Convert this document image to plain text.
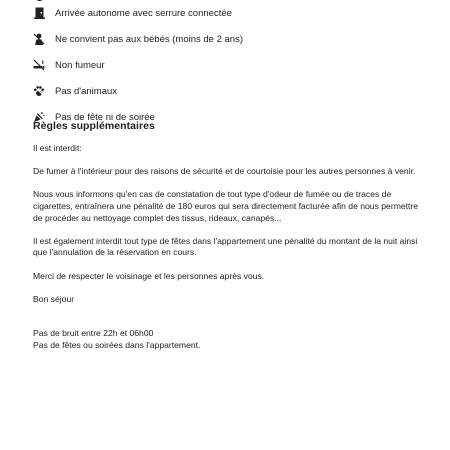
Arrivée autonome avec serrure connectée
Ne convient pas aux bébés (moins de 2 ans)
Non fumeur
Pas d'animaux
Pas de fête ni de soirée
Règles supplémentaires

Il est interdit:

De fumer à l'intérieur pour des raisons de sécurité et de courtoisie pour les autres personnes à venir.

Nous vous informons qu'en cas de constatation de tout type d'odeur de fumée ou de traces de cigarettes, entraînera une pénalité de 180 euros qui sera directement facturée afin de nous permettre de procéder au nettoyage complet des tissus, rideaux, canapés...

Il est également interdit tout type de fêtes dans l'appartement une pénalité du montant de la nuit ainsi que l'annulation de la réservation en cours.

Merci de respecter le voisinage et les personnes après vous.

Bon séjour

Pas de bruit entre 22h et 06h00
Pas de fêtes ou soirées dans l'appartement.
